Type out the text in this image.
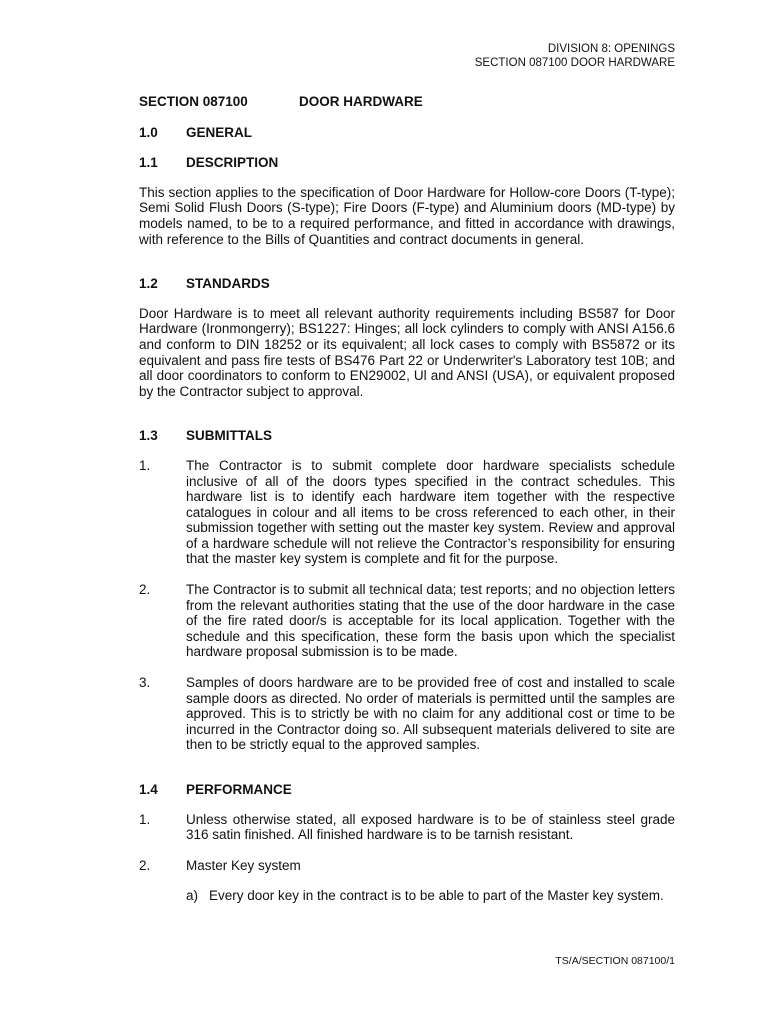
DIVISION 8: OPENINGS
SECTION 087100 DOOR HARDWARE
SECTION 087100	DOOR HARDWARE
1.0 GENERAL
1.1 DESCRIPTION

This section applies to the specification of Door Hardware for Hollow-core Doors (T-type); Semi Solid Flush Doors (S-type); Fire Doors (F-type) and Aluminium doors (MD-type) by models named, to be to a required performance, and fitted in accordance with drawings, with reference to the Bills of Quantities and contract documents in general.

1.2 STANDARDS

Door Hardware is to meet all relevant authority requirements including BS587 for Door Hardware (Ironmongerry); BS1227: Hinges; all lock cylinders to comply with ANSI A156.6 and conform to DIN 18252 or its equivalent; all lock cases to comply with BS5872 or its equivalent and pass fire tests of BS476 Part 22 or Underwriter's Laboratory test 10B; and all door coordinators to conform to EN29002, Ul and ANSI (USA), or equivalent proposed by the Contractor subject to approval.

1.3 SUBMITTALS
1.	The Contractor is to submit complete door hardware specialists schedule inclusive of all of the doors types specified in the contract schedules. This hardware list is to identify each hardware item together with the respective catalogues in colour and all items to be cross referenced to each other, in their submission together with setting out the master key system. Review and approval of a hardware schedule will not relieve the Contractor’s responsibility for ensuring that the master key system is complete and fit for the purpose.
2.	The Contractor is to submit all technical data; test reports; and no objection letters from the relevant authorities stating that the use of the door hardware in the case of the fire rated door/s is acceptable for its local application. Together with the schedule and this specification, these form the basis upon which the specialist hardware proposal submission is to be made.
3.	Samples of doors hardware are to be provided free of cost and installed to scale sample doors as directed. No order of materials is permitted until the samples are approved. This is to strictly be with no claim for any additional cost or time to be incurred in the Contractor doing so. All subsequent materials delivered to site are then to be strictly equal to the approved samples.
1.4 PERFORMANCE
1.	Unless otherwise stated, all exposed hardware is to be of stainless steel grade 316 satin finished. All finished hardware is to be tarnish resistant.
2.	Master Key system
a) Every door key in the contract is to be able to part of the Master key system.
TS/A/SECTION 087100/1
